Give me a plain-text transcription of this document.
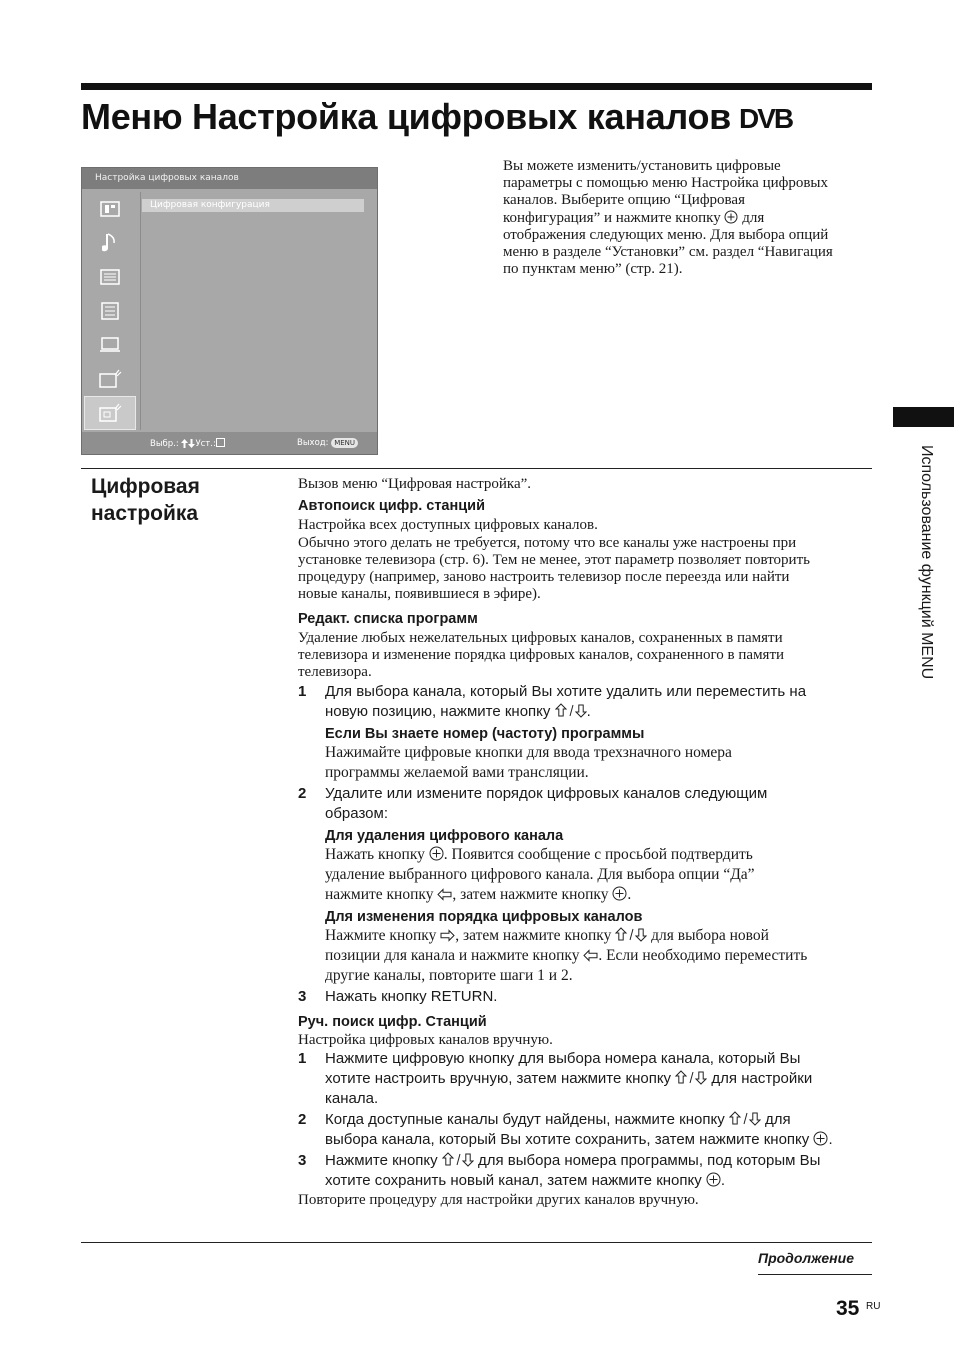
Меню Настройка цифровых каналов DVB
Настройка цифровых каналов
Цифровая конфигурация
Выбр.: Уст.:	Выход: MENU
Вы можете изменить/установить цифровые
параметры с помощью меню Настройка цифровых
каналов. Выберите опцию “Цифровая
конфигурация” и нажмите кнопку  для
отображения следующих меню. Для выбора опций
меню в разделе “Установки” см. раздел “Навигация
по пунктам меню” (стр. 21).
Цифровая
настройка

Вызов меню “Цифровая настройка”.

Автопоиск цифр. станций

Настройка всех доступных цифровых каналов.

Обычно этого делать не требуется, потому что все каналы уже настроены при

установке телевизора (стр. 6). Тем не менее, этот параметр позволяет повторить

процедуру (например, заново настроить телевизор после переезда или найти

новые каналы, появившиеся в эфире).

Редакт. списка программ

Удаление любых нежелательных цифровых каналов, сохраненных в памяти

телевизора и изменение порядка цифровых каналов, сохраненного в памяти

телевизора.

1 Для выбора канала, который Вы хотите удалить или переместить на
новую позицию, нажмите кнопку .

Если Вы знаете номер (частоту) программы

Нажимайте цифровые кнопки для ввода трехзначного номера

программы желаемой вами трансляции.

2 Удалите или измените порядок цифровых каналов следующим
образом:

Для удаления цифрового канала

Нажать кнопку . Появится сообщение с просьбой подтвердить

удаление выбранного цифрового канала. Для выбора опции “Да”

нажмите кнопку , затем нажмите кнопку .

Для изменения порядка цифровых каналов

Нажмите кнопку , затем нажмите кнопку  для выбора новой

позиции для канала и нажмите кнопку . Если необходимо переместить

другие каналы, повторите шаги 1 и 2.

3 Нажать кнопку RETURN.

Руч. поиск цифр. Станций

Настройка цифровых каналов вручную.

1 Нажмите цифровую кнопку для выбора номера канала, который Вы
хотите настроить вручную, затем нажмите кнопку  для настройки
канала.
2 Когда доступные каналы будут найдены, нажмите кнопку  для
выбора канала, который Вы хотите сохранить, затем нажмите кнопку .
3 Нажмите кнопку  для выбора номера программы, под которым Вы
хотите сохранить новый канал, затем нажмите кнопку .

Повторите процедуру для настройки других каналов вручную.

Продолжение

35 RU

Использование функций MENU
